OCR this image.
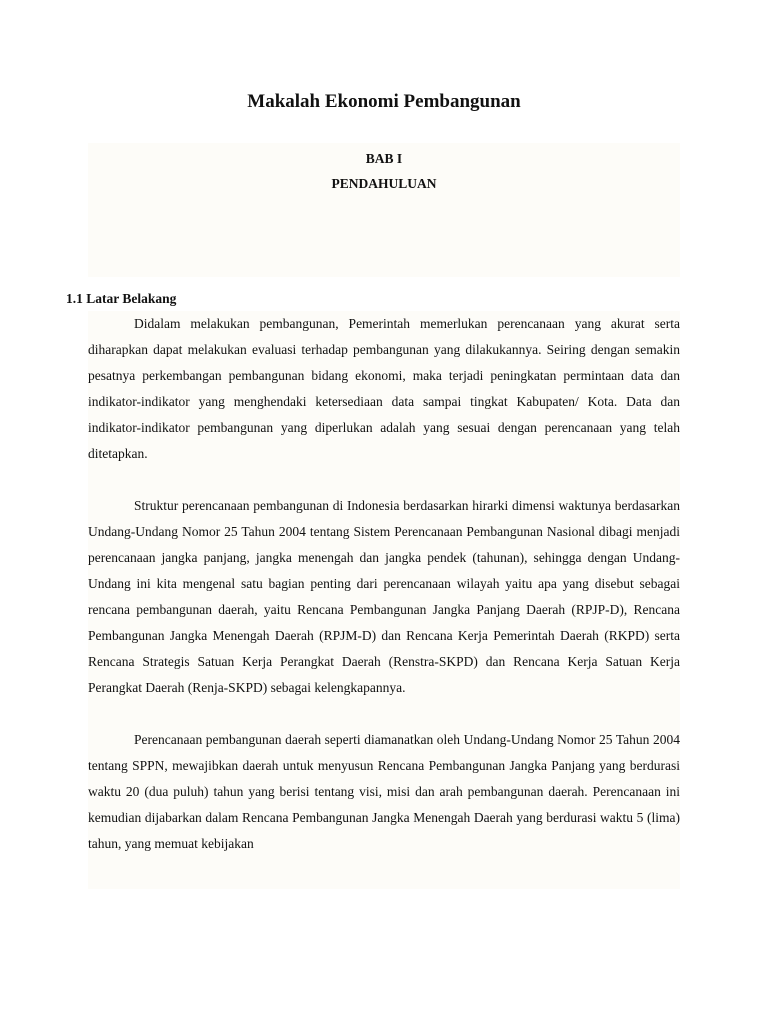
Makalah Ekonomi Pembangunan
BAB I
PENDAHULUAN
1.1 Latar Belakang

Didalam melakukan pembangunan, Pemerintah memerlukan perencanaan yang akurat serta diharapkan dapat melakukan evaluasi terhadap pembangunan yang dilakukannya. Seiring dengan semakin pesatnya perkembangan pembangunan bidang ekonomi, maka terjadi peningkatan permintaan data dan indikator-indikator yang menghendaki ketersediaan data sampai tingkat Kabupaten/ Kota. Data dan indikator-indikator pembangunan yang diperlukan adalah yang sesuai dengan perencanaan yang telah ditetapkan.

Struktur perencanaan pembangunan di Indonesia berdasarkan hirarki dimensi waktunya berdasarkan Undang-Undang Nomor 25 Tahun 2004 tentang Sistem Perencanaan Pembangunan Nasional dibagi menjadi perencanaan jangka panjang, jangka menengah dan jangka pendek (tahunan), sehingga dengan Undang-Undang ini kita mengenal satu bagian penting dari perencanaan wilayah yaitu apa yang disebut sebagai rencana pembangunan daerah, yaitu Rencana Pembangunan Jangka Panjang Daerah (RPJP-D), Rencana Pembangunan Jangka Menengah Daerah (RPJM-D) dan Rencana Kerja Pemerintah Daerah (RKPD) serta Rencana Strategis Satuan Kerja Perangkat Daerah (Renstra-SKPD) dan Rencana Kerja Satuan Kerja Perangkat Daerah (Renja-SKPD) sebagai kelengkapannya.

Perencanaan pembangunan daerah seperti diamanatkan oleh Undang-Undang Nomor 25 Tahun 2004 tentang SPPN, mewajibkan daerah untuk menyusun Rencana Pembangunan Jangka Panjang yang berdurasi waktu 20 (dua puluh) tahun yang berisi tentang visi, misi dan arah pembangunan daerah. Perencanaan ini kemudian dijabarkan dalam Rencana Pembangunan Jangka Menengah Daerah yang berdurasi waktu 5 (lima) tahun, yang memuat kebijakan
